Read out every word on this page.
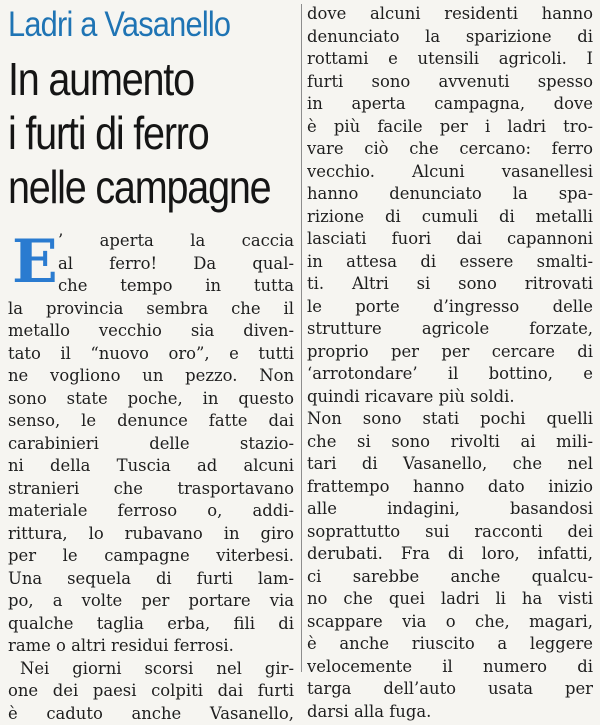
Ladri a Vasanello
In aumento
i furti di ferro
nelle campagne
E ’ aperta la caccia
al ferro! Da qual-
che tempo in tutta
la provincia sembra che il
metallo vecchio sia diven-
tato il “nuovo oro”, e tutti
ne vogliono un pezzo. Non
sono state poche, in questo
senso, le denunce fatte dai
carabinieri delle stazio-
ni della Tuscia ad alcuni
stranieri che trasportavano
materiale ferroso o, addi-
rittura, lo rubavano in giro
per le campagne viterbesi.
Una sequela di furti lam-
po, a volte per portare via
qualche taglia erba, fili di
rame o altri residui ferrosi.
Nei giorni scorsi nel gir-
one dei paesi colpiti dai furti
è caduto anche Vasanello,
dove alcuni residenti hanno
denunciato la sparizione di
rottami e utensili agricoli. I
furti sono avvenuti spesso
in aperta campagna, dove
è più facile per i ladri tro-
vare ciò che cercano: ferro
vecchio. Alcuni vasanellesi
hanno denunciato la spa-
rizione di cumuli di metalli
lasciati fuori dai capannoni
in attesa di essere smalti-
ti. Altri si sono ritrovati
le porte d’ingresso delle
strutture agricole forzate,
proprio per per cercare di
‘arrotondare’ il bottino, e
quindi ricavare più soldi.
Non sono stati pochi quelli
che si sono rivolti ai mili-
tari di Vasanello, che nel
frattempo hanno dato inizio
alle indagini, basandosi
soprattutto sui racconti dei
derubati. Fra di loro, infatti,
ci sarebbe anche qualcu-
no che quei ladri li ha visti
scappare via o che, magari,
è anche riuscito a leggere
velocemente il numero di
targa dell’auto usata per
darsi alla fuga.
